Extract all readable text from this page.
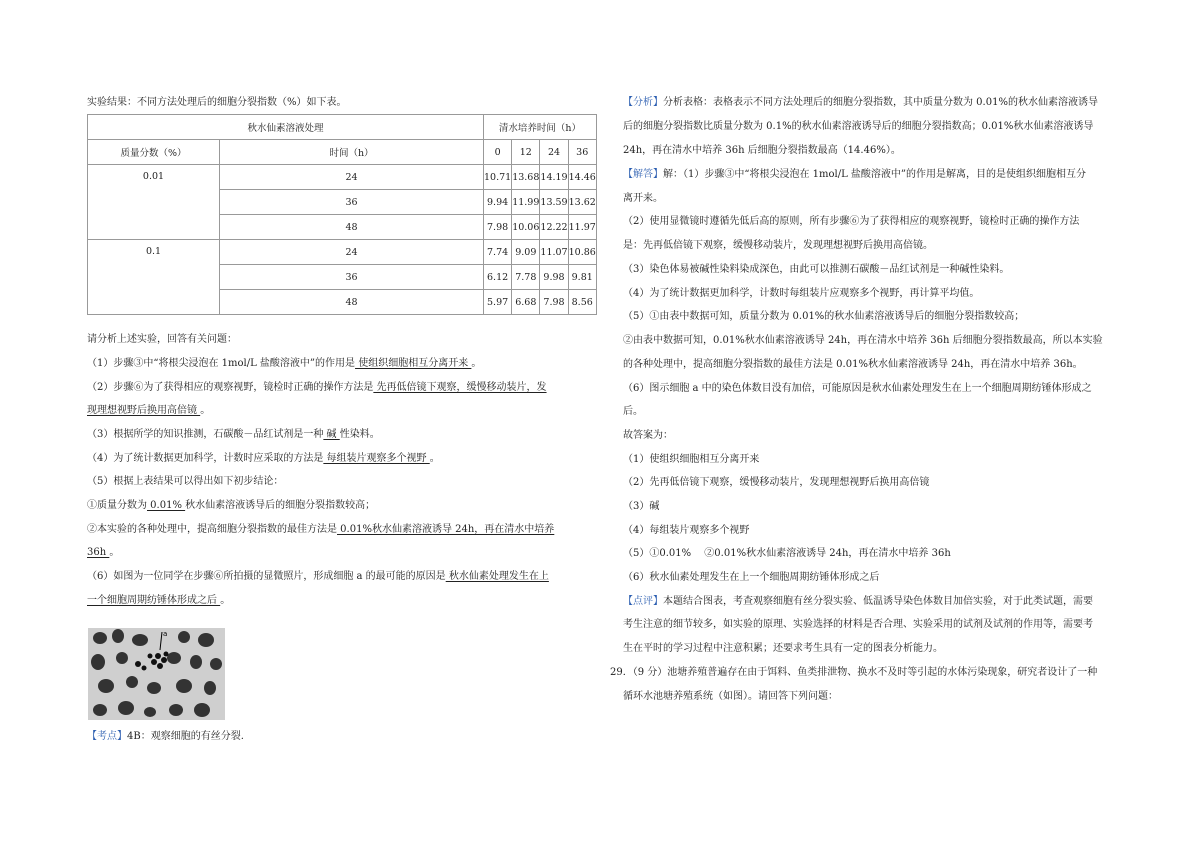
实验结果：不同方法处理后的细胞分裂指数（%）如下表。
秋水仙素溶液处理		清水培养时间（h）			
质量分数（%）	时间（h）	0	12	24	36
0.01	24	10.71	13.68	14.19	14.46
	36	9.94	11.99	13.59	13.62
	48	7.98	10.06	12.22	11.97
0.1	24	7.74	9.09	11.07	10.86
	36	6.12	7.78	9.98	9.81
	48	5.97	6.68	7.98	8.56
请分析上述实验，回答有关问题：
（1）步骤③中“将根尖浸泡在 1mol/L 盐酸溶液中”的作用是 使组织细胞相互分离开来 。
（2）步骤⑥为了获得相应的观察视野，镜检时正确的操作方法是 先再低倍镜下观察，缓慢移动装片，发
现理想视野后换用高倍镜 。
（3）根据所学的知识推测，石碳酸－品红试剂是一种 碱 性染料。
（4）为了统计数据更加科学，计数时应采取的方法是 每组装片观察多个视野 。
（5）根据上表结果可以得出如下初步结论：
①质量分数为 0.01% 秋水仙素溶液诱导后的细胞分裂指数较高；
②本实验的各种处理中，提高细胞分裂指数的最佳方法是 0.01%秋水仙素溶液诱导 24h，再在清水中培养
36h 。
（6）如图为一位同学在步骤⑥所拍摄的显微照片，形成细胞 a 的最可能的原因是 秋水仙素处理发生在上
一个细胞周期纺锤体形成之后 。
【考点】4B：观察细胞的有丝分裂.
a
【分析】分析表格：表格表示不同方法处理后的细胞分裂指数，其中质量分数为 0.01%的秋水仙素溶液诱导
后的细胞分裂指数比质量分数为 0.1%的秋水仙素溶液诱导后的细胞分裂指数高；0.01%秋水仙素溶液诱导
24h，再在清水中培养 36h 后细胞分裂指数最高（14.46%）。
【解答】解：（1）步骤③中“将根尖浸泡在 1mol/L 盐酸溶液中”的作用是解离，目的是使组织细胞相互分
离开来。
（2）使用显微镜时遵循先低后高的原则，所有步骤⑥为了获得相应的观察视野，镜检时正确的操作方法
是：先再低倍镜下观察，缓慢移动装片，发现理想视野后换用高倍镜。
（3）染色体易被碱性染料染成深色，由此可以推测石碳酸－品红试剂是一种碱性染料。
（4）为了统计数据更加科学，计数时每组装片应观察多个视野，再计算平均值。
（5）①由表中数据可知，质量分数为 0.01%的秋水仙素溶液诱导后的细胞分裂指数较高；
②由表中数据可知，0.01%秋水仙素溶液诱导 24h，再在清水中培养 36h 后细胞分裂指数最高，所以本实验
的各种处理中，提高细胞分裂指数的最佳方法是 0.01%秋水仙素溶液诱导 24h，再在清水中培养 36h。
（6）图示细胞 a 中的染色体数目没有加倍，可能原因是秋水仙素处理发生在上一个细胞周期纺锤体形成之
后。
故答案为：
（1）使组织细胞相互分离开来
（2）先再低倍镜下观察，缓慢移动装片，发现理想视野后换用高倍镜
（3）碱
（4）每组装片观察多个视野
（5）①0.01%　 ②0.01%秋水仙素溶液诱导 24h，再在清水中培养 36h
（6）秋水仙素处理发生在上一个细胞周期纺锤体形成之后
【点评】本题结合图表，考查观察细胞有丝分裂实验、低温诱导染色体数目加倍实验，对于此类试题，需要
考生注意的细节较多，如实验的原理、实验选择的材料是否合理、实验采用的试剂及试剂的作用等，需要考
生在平时的学习过程中注意积累；还要求考生具有一定的图表分析能力。
29．（9 分）池塘养殖普遍存在由于饵料、鱼类排泄物、换水不及时等引起的水体污染现象，研究者设计了一种
循环水池塘养殖系统（如图）。请回答下列问题：
